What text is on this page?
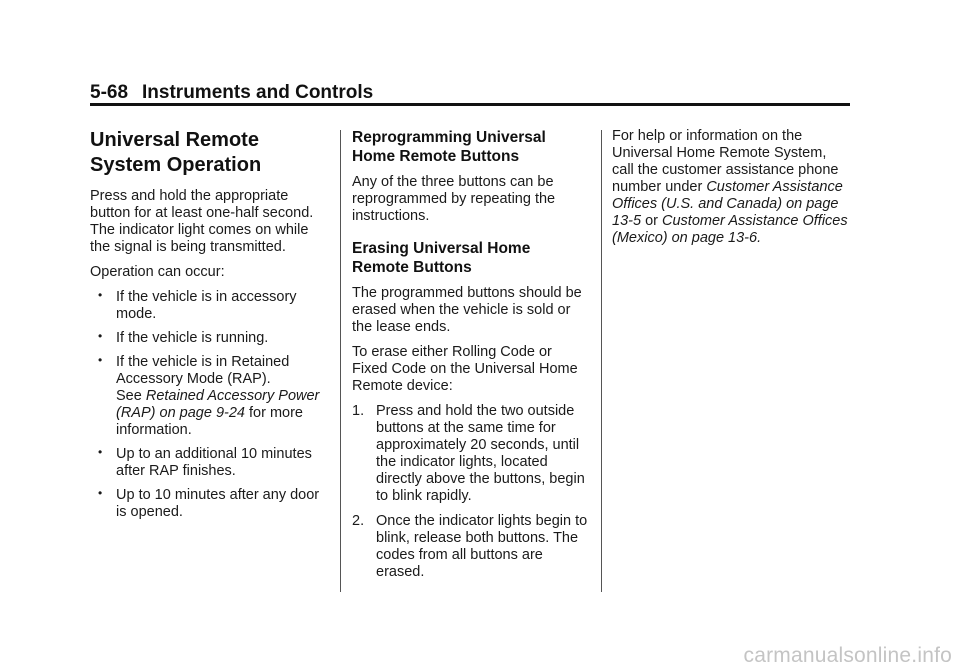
5-68 Instruments and Controls
Universal Remote System Operation

Press and hold the appropriate button for at least one-half second. The indicator light comes on while the signal is being transmitted.

Operation can occur:

• If the vehicle is in accessory mode.
• If the vehicle is running.
• If the vehicle is in Retained Accessory Mode (RAP).
See Retained Accessory Power (RAP) on page 9-24 for more information.
• Up to an additional 10 minutes after RAP finishes.
• Up to 10 minutes after any door is opened.
Reprogramming Universal Home Remote Buttons

Any of the three buttons can be reprogrammed by repeating the instructions.

Erasing Universal Home Remote Buttons

The programmed buttons should be erased when the vehicle is sold or the lease ends.

To erase either Rolling Code or Fixed Code on the Universal Home Remote device:

1. Press and hold the two outside buttons at the same time for approximately 20 seconds, until the indicator lights, located directly above the buttons, begin to blink rapidly.
2. Once the indicator lights begin to blink, release both buttons. The codes from all buttons are erased.

For help or information on the Universal Home Remote System, call the customer assistance phone number under Customer Assistance Offices (U.S. and Canada) on page 13-5 or Customer Assistance Offices (Mexico) on page 13-6.

carmanualsonline.info
